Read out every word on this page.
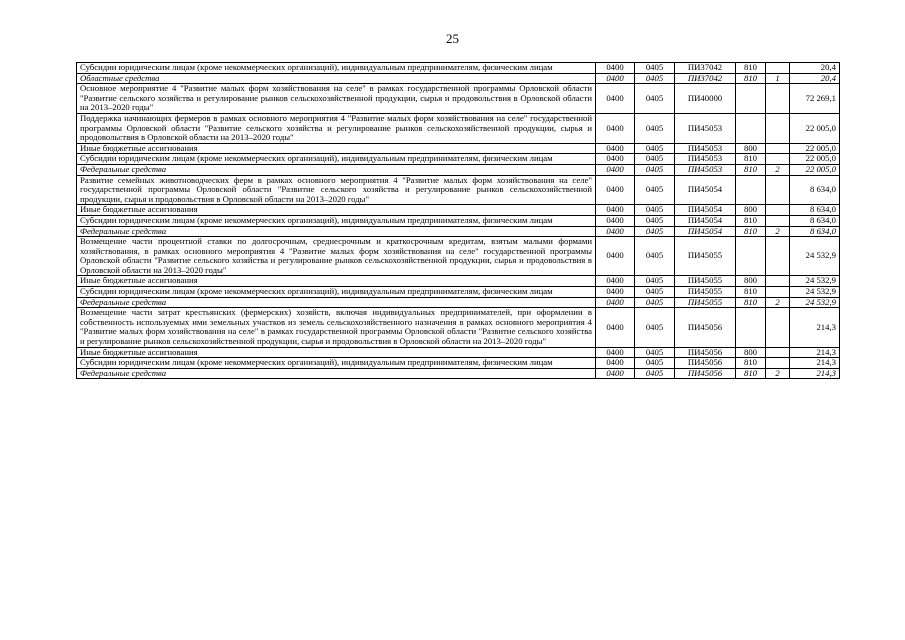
25
Субсидии юридическим лицам (кроме некоммерческих организаций), индивидуальным предпринимателям, физическим лицам	0400	0405	ПИ37042	810		20,4
Областные средства	0400	0405	ПИ37042	810	1	20,4
Основное мероприятие 4 "Развитие малых форм хозяйствования на селе" в рамках государственной программы Орловской области "Развитие сельского хозяйства и регулирование рынков сельскохозяйственной продукции, сырья и продовольствия в Орловской области на 2013–2020 годы"	0400	0405	ПИ40000			72 269,1
Поддержка начинающих фермеров в рамках основного мероприятия 4 "Развитие малых форм хозяйствования на селе" государственной программы Орловской области "Развитие сельского хозяйства и регулирование рынков сельскохозяйственной продукции, сырья и продовольствия в Орловской области на 2013–2020 годы"	0400	0405	ПИ45053			22 005,0
Иные бюджетные ассигнования	0400	0405	ПИ45053	800		22 005,0
Субсидии юридическим лицам (кроме некоммерческих организаций), индивидуальным предпринимателям, физическим лицам	0400	0405	ПИ45053	810		22 005,0
Федеральные средства	0400	0405	ПИ45053	810	2	22 005,0
Развитие семейных животноводческих ферм в рамках основного мероприятия 4 "Развитие малых форм хозяйствования на селе" государственной программы Орловской области "Развитие сельского хозяйства и регулирование рынков сельскохозяйственной продукции, сырья и продовольствия в Орловской области на 2013–2020 годы"	0400	0405	ПИ45054			8 634,0
Иные бюджетные ассигнования	0400	0405	ПИ45054	800		8 634,0
Субсидии юридическим лицам (кроме некоммерческих организаций), индивидуальным предпринимателям, физическим лицам	0400	0405	ПИ45054	810		8 634,0
Федеральные средства	0400	0405	ПИ45054	810	2	8 634,0
Возмещение части процентной ставки по долгосрочным, среднесрочным и краткосрочным кредитам, взятым малыми формами хозяйствования, в рамках основного мероприятия 4 "Развитие малых форм хозяйствования на селе" государственной программы Орловской области "Развитие сельского хозяйства и регулирование рынков сельскохозяйственной продукции, сырья и продовольствия в Орловской области на 2013–2020 годы"	0400	0405	ПИ45055			24 532,9
Иные бюджетные ассигнования	0400	0405	ПИ45055	800		24 532,9
Субсидии юридическим лицам (кроме некоммерческих организаций), индивидуальным предпринимателям, физическим лицам	0400	0405	ПИ45055	810		24 532,9
Федеральные средства	0400	0405	ПИ45055	810	2	24 532,9
Возмещение части затрат крестьянских (фермерских) хозяйств, включая индивидуальных предпринимателей, при оформлении в собственность используемых ими земельных участков из земель сельскохозяйственного назначения в рамках основного мероприятия 4 "Развитие малых форм хозяйствования на селе" в рамках государственной программы Орловской области "Развитие сельского хозяйства и регулирование рынков сельскохозяйственной продукции, сырья и продовольствия в Орловской области на 2013–2020 годы"	0400	0405	ПИ45056			214,3
Иные бюджетные ассигнования	0400	0405	ПИ45056	800		214,3
Субсидии юридическим лицам (кроме некоммерческих организаций), индивидуальным предпринимателям, физическим лицам	0400	0405	ПИ45056	810		214,3
Федеральные средства	0400	0405	ПИ45056	810	2	214,3
